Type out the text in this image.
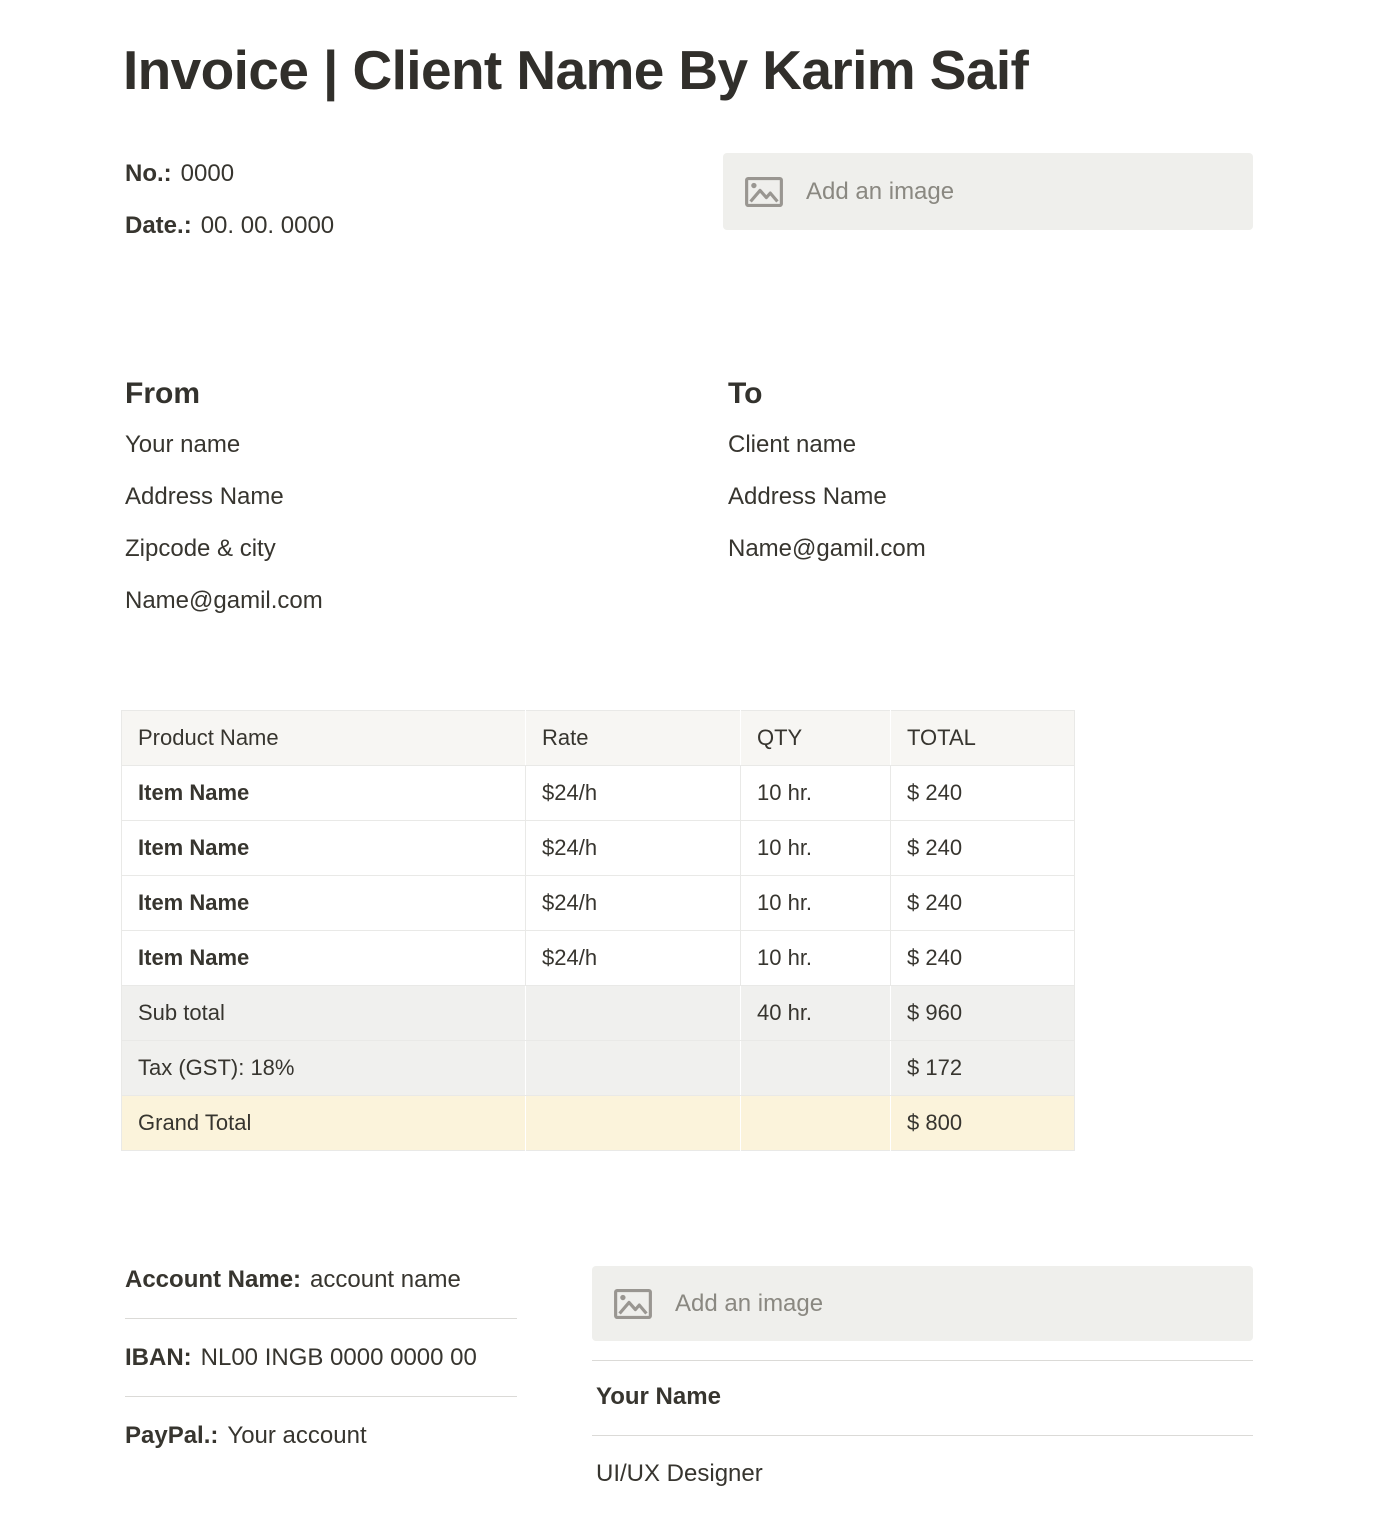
Invoice | Client Name By Karim Saif
No.: 0000
Date.: 00. 00. 0000
Add an image
From
Your name
Address Name
Zipcode & city
Name@gamil.com
To
Client name
Address Name
Name@gamil.com
Product Name	Rate	QTY	TOTAL
Item Name	$24/h	10 hr.	$ 240
Item Name	$24/h	10 hr.	$ 240
Item Name	$24/h	10 hr.	$ 240
Item Name	$24/h	10 hr.	$ 240
Sub total		40 hr.	$ 960
Tax (GST): 18%			$ 172
Grand Total			$ 800
Account Name: account name
IBAN: NL00 INGB 0000 0000 00
PayPal.: Your account
Add an image
Your Name
UI/UX Designer
